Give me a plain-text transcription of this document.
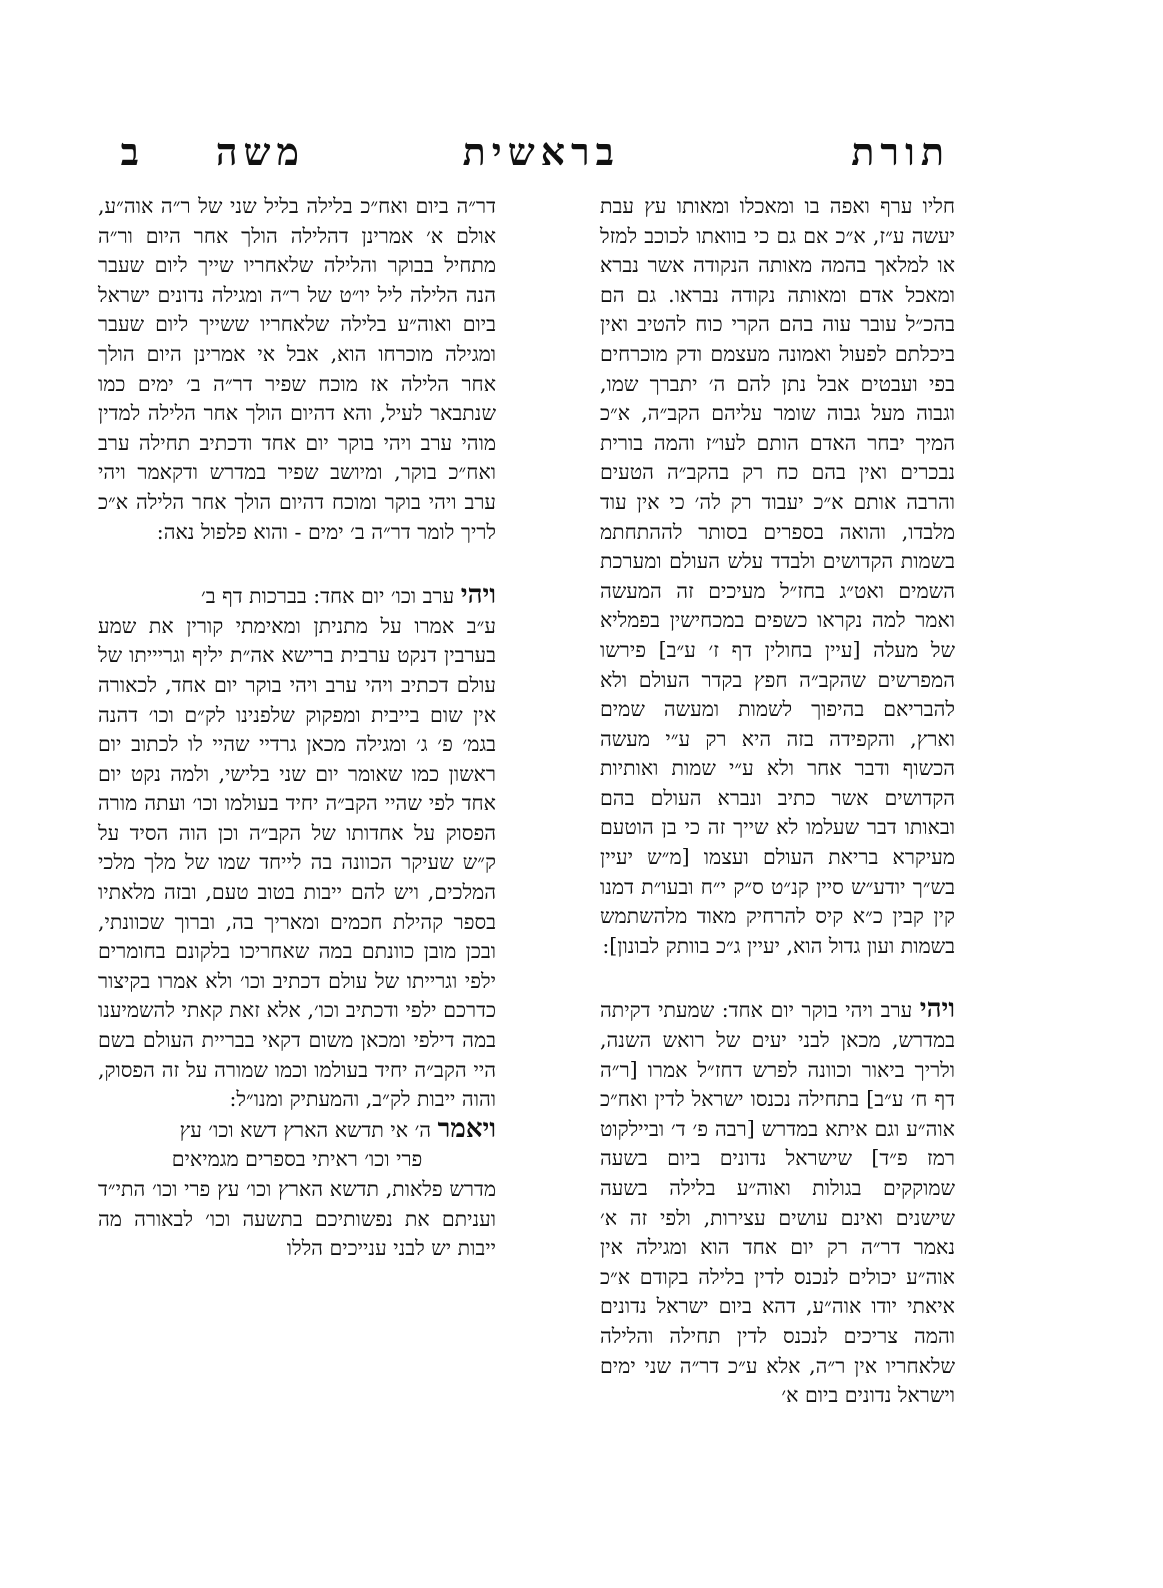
תורת
בראשית
משה
ב

חליו ערף ואפה בו ומאכלו ומאותו עץ עבת יעשה ע״ז, א״כ אם גם כי בוואתו לכוכב למזל או למלאך בהמה מאותה הנקודה אשר נברא ומאכל אדם ומאותה נקודה נבראו. גם הם בהכ״ל עובר עוה בהם הקרי כוח להטיב ואין ביכלתם לפעול ואמונה מעצמם ודק מוכרחים בפי ועבטים אבל נתן להם ה׳ יתברך שמו, וגבוה מעל גבוה שומר עליהם הקב״ה, א״כ המיך יבחר האדם הותם לעו״ז והמה בורית נבכרים ואין בהם כח רק בהקב״ה הטעים והרבה אותם א״כ יעבוד רק לה׳ כי אין עוד מלבדו, והואה בספרים בסותר לההתחתמ בשמות הקדושים ולבדד עלש העולם ומערכת השמים ואט״ג בחז״ל מעיכים זה המעשה ואמר למה נקראו כשפים במכחישין בפמליא של מעלה [עיין בחולין דף ז׳ ע״ב] פירשו המפרשים שהקב״ה חפץ בקדר העולם ולא להבריאם בהיפוך לשמות ומעשה שמים וארץ, והקפידה בזה היא רק ע״י מעשה הכשוף ודבר אחר ולא ע״י שמות ואותיות הקדושים אשר כתיב ונברא העולם בהם ובאותו דבר שעלמו לא שייך זה כי בן הוטעם מעיקרא בריאת העולם ועצמו [מ״ש יעיין בש״ך יודע״ש סיין קנ״ט ס״ק י״ח ובעו״ת דמנו קין קבין כ״א קיס להרחיק מאוד מלהשתמש בשמות ועון גדול הוא, יעיין ג״כ בוותק לבונון]:

ויהי ערב ויהי בוקר יום אחד: שמעתי דקיתה במדרש, מכאן לבני יעים של רואש השנה, ולריך ביאור וכוונה לפרש דחז״ל אמרו [ר״ה דף ח׳ ע״ב] בתחילה נכנסו ישראל לדין ואח״כ אוה״ע וגם איתא במדרש [רבה פ׳ ד׳ וביילקוט רמז פ״ד] שישראל נדונים ביום בשעה שמוקקים בגולות ואוה״ע בלילה בשעה שישנים ואינם עושים עצירות, ולפי זה א׳ נאמר דר״ה רק יום אחד הוא ומגילה אין אוה״ע יכולים לנכנס לדין בלילה בקודם א״כ איאתי יודו אוה״ע, דהא ביום ישראל נדונים והמה צריכים לנכנס לדין תחילה והלילה שלאחריו אין ר״ה, אלא ע״כ דר״ה שני ימים וישראל נדונים ביום א׳

דר״ה ביום ואח״כ בלילה בליל שני של ר״ה אוה״ע, אולם א׳ אמרינן דהלילה הולך אחר היום ור״ה מתחיל בבוקר והלילה שלאחריו שייך ליום שעבר הנה הלילה ליל יו״ט של ר״ה ומגילה נדונים ישראל ביום ואוה״ע בלילה שלאחריו ששייך ליום שעבר ומגילה מוכרחו הוא, אבל אי אמרינן היום הולך אחר הלילה אז מוכח שפיר דר״ה ב׳ ימים כמו שנתבאר לעיל, והא דהיום הולך אחר הלילה למדין מוהי ערב ויהי בוקר יום אחד ודכתיב תחילה ערב ואח״כ בוקר, ומיושב שפיר במדרש ודקאמר ויהי ערב ויהי בוקר ומוכח דהיום הולך אחר הלילה א״כ לריך לומר דר״ה ב׳ ימים - והוא פלפול נאה:

ויהי ערב וכו׳ יום אחד: בברכות דף ב׳

ע״ב אמרו על מתניתן ומאימתי קורין את שמע בערבין דנקט ערבית ברישא אה״ת יליף וגריייתו של עולם דכתיב ויהי ערב ויהי בוקר יום אחד, לכאורה אין שום בייבית ומפקוק שלפנינו לק״ם וכו׳ דהנה בגמ׳ פ׳ ג׳ ומגילה מכאן גרדיי שהיי לו לכתוב יום ראשון כמו שאומר יום שני בלישי, ולמה נקט יום אחד לפי שהיי הקב״ה יחיד בעולמו וכו׳ ועתה מורה הפסוק על אחדותו של הקב״ה וכן הוה הסיד על ק״ש שעיקר הכוונה בה לייחד שמו של מלך מלכי המלכים, ויש להם ייבות בטוב טעם, ובזה מלאתיו בספר קהילת חכמים ומאריך בה, וברוך שכוונתי, ובכן מובן כוונתם במה שאחריכו בלקונם בחומרים ילפי וגרייתו של עולם דכתיב וכו׳ ולא אמרו בקיצור כדרכם ילפי ודכתיב וכו׳, אלא זאת קאתי להשמיענו במה דילפי ומכאן משום דקאי בבריית העולם בשם היי הקב״ה יחיד בעולמו וכמו שמורה על זה הפסוק, והוה ייבות לק״ב, והמעתיק ומנו״ל:

ויאמר ה׳ אי תדשא הארץ דשא וכו׳ עץ

פרי וכו׳ ראיתי בספרים מגמיאים

מדרש פלאות, תדשא הארץ וכו׳ עץ פרי וכו׳ התי״ד ועניתם את נפשותיכם בתשעה וכו׳ לבאורה מה ייבות יש לבני ענייכים הללו
